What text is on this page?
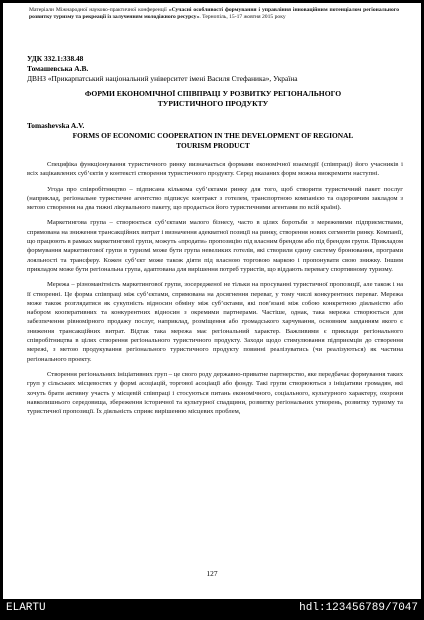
Матеріали Міжнародної науково-практичної конференції «Сучасні особливості формування і управління інноваційним потенціалом регіонального розвитку туризму та рекреації із залученням молодіжного ресурсу». Тернопіль, 15-17 жовтня 2015 року
УДК 332.1:338.48
Томашевська А.В.
ДВНЗ «Прикарпатський національний університет імені Василя Стефаника», Україна
ФОРМИ ЕКОНОМІЧНОЇ СПІВПРАЦІ У РОЗВИТКУ РЕГІОНАЛЬНОГО ТУРИСТИЧНОГО ПРОДУКТУ
Tomashevska A.V.
FORMS OF ECONOMIC COOPERATION IN THE DEVELOPMENT OF REGIONAL TOURISM PRODUCT

Специфіка функціонування туристичного ринку визначається формами економічної взаємодії (співпраці) його учасників і всіх зацікавлених суб’єктів у контексті створення туристичного продукту. Серед вказаних форм можна виокремити наступні.

Угода про співробітництво – підписана кількома суб’єктами ринку для того, щоб створити туристичний пакет послуг (наприклад, регіональне туристичне агентство підписує контракт з готелем, транспортною компанією та оздоровчим закладом з метою створення на два тижні лікувального пакету, що продається його туристичними агентами по всій країні).

Маркетингова група – створюється суб’єктами малого бізнесу, часто в цілях боротьби з мережевими підприємствами, спрямована на зниження трансакційних витрат і визначення адекватної позиції на ринку, створення нових сегментів ринку. Компанії, що працюють в рамках маркетингової групи, можуть «продати» пропозицію під власним брендом або під брендом групи. Прикладом формування маркетингової групи в туризмі може бути група невеликих готелів, які створили єдину систему бронювання, програми лояльності та трансферу. Кожен суб’єкт може також діяти під власною торговою маркою і пропонувати свою знижку. Іншим прикладом може бути регіональна група, адаптована для вирішення потреб туристів, що віддають перевагу спортивному туризму.

Мережа – різноманітність маркетингової групи, зосередженої не тільки на просуванні туристичної пропозиції, але також і на її створенні. Це форма співпраці між суб’єктами, спрямована на досягнення переваг, у тому числі конкурентних переваг. Мережа може також розглядатися як сукупність відносин обміну між суб’єктами, які пов’язані між собою конкретною діяльністю або набором кооперативних та конкурентних відносин з окремими партнерами. Частіше, однак, така мережа створюється для забезпечення рівномірного продажу послуг, наприклад, розміщення або громадського харчування, основним завданням якого є зниження трансакційних витрат. Відтак така мережа має регіональний характер. Важливими є приклади регіонального співробітництва в цілях створення регіонального туристичного продукту. Заходи щодо стимулювання підприємців до створення мережі, з метою продукування регіонального туристичного продукту повинні реалізуватись (чи реалізуються) як частина регіонального проекту.

Створення регіональних ініціативних груп – це свого роду державно-приватне партнерство, яке передбачає формування таких груп у сільських місцевостях у формі асоціацій, торгової асоціації або фонду. Такі групи створюються з ініціативи громадян, які хочуть брати активну участь у місцевій співпраці і стосуються питань економічного, соціального, культурного характеру, охорони навколишнього середовища, збереження історичної та культурної спадщини, розвитку регіональних утворень, розвитку туризму та туристичної пропозиції. Їх діяльність сприяє вирішенню місцевих проблем,

127
ELARTU	hdl:123456789/7047
